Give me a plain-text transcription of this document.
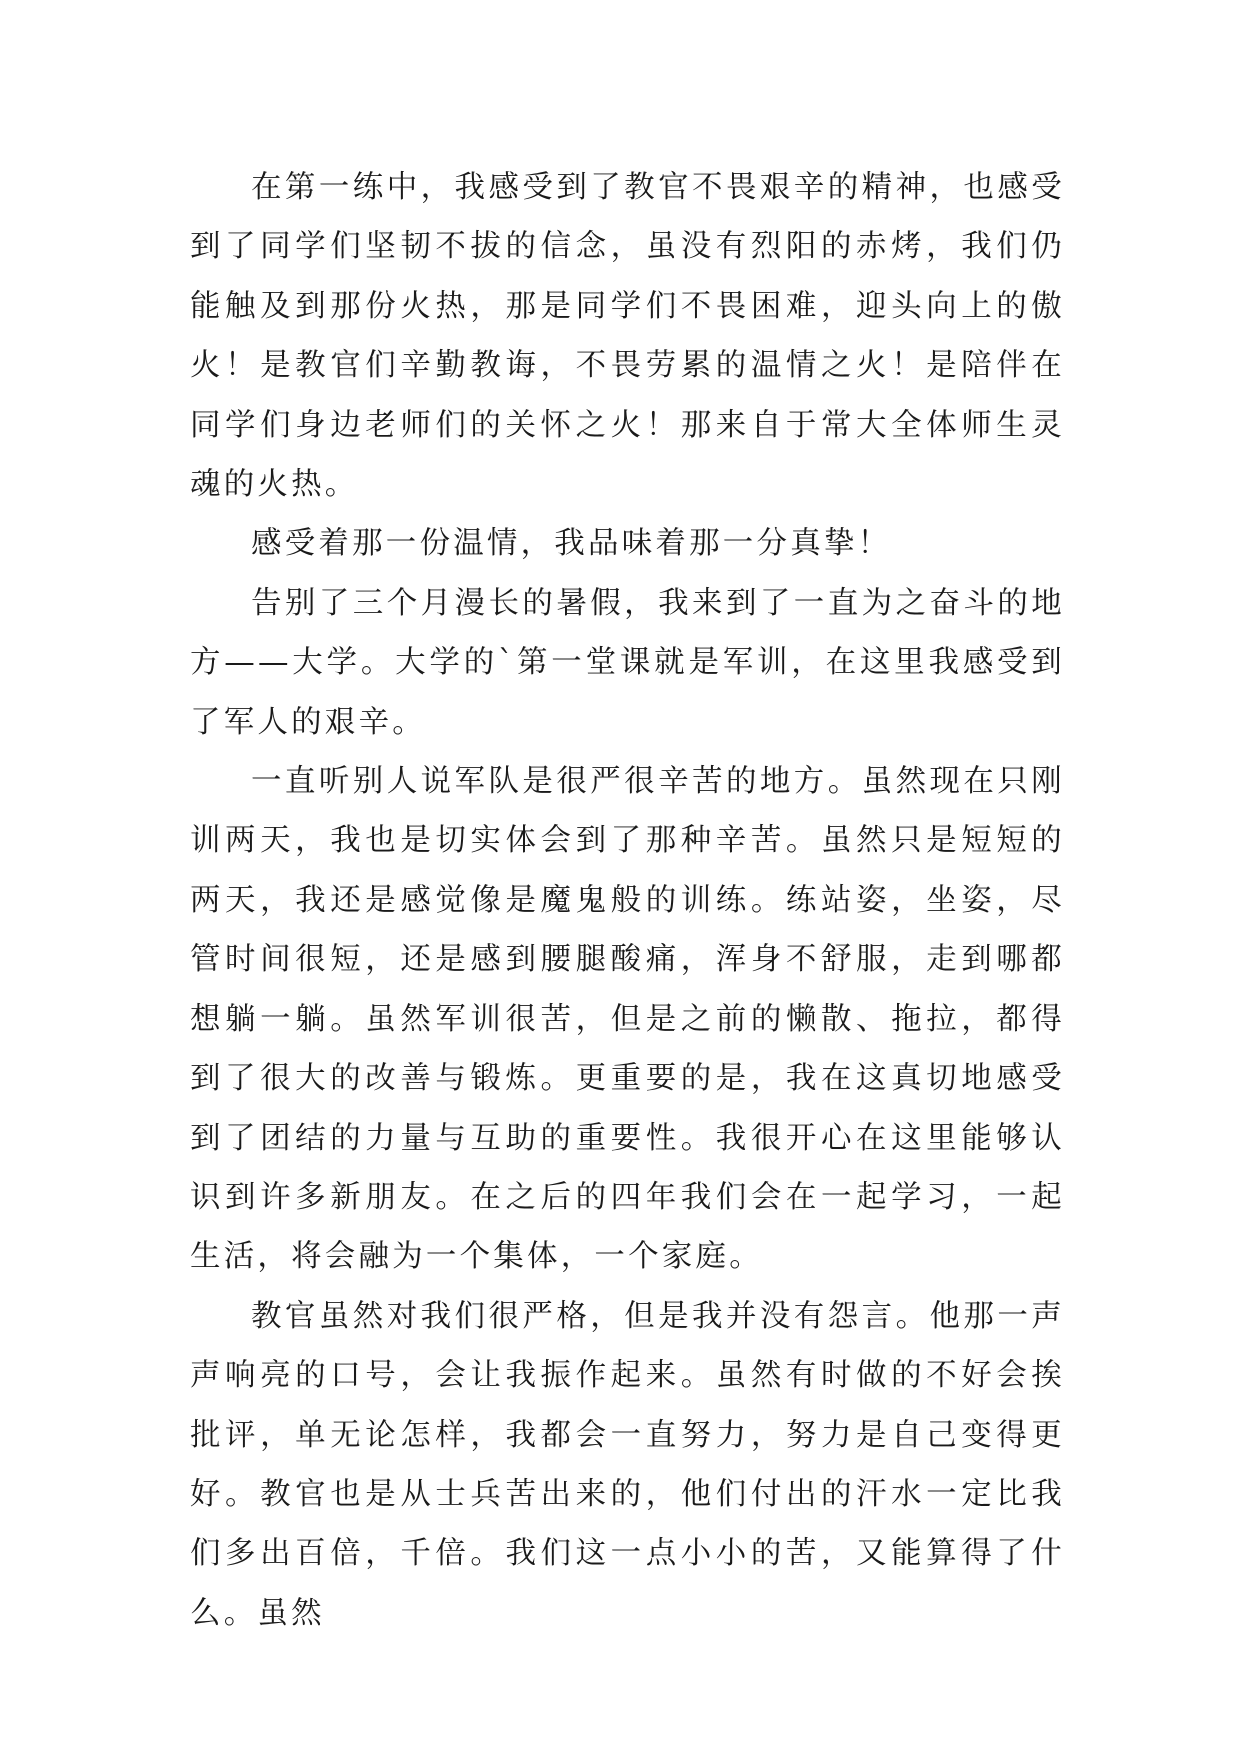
在第一练中，我感受到了教官不畏艰辛的精神，也感受到了同学们坚韧不拔的信念，虽没有烈阳的赤烤，我们仍能触及到那份火热，那是同学们不畏困难，迎头向上的傲火！是教官们辛勤教诲，不畏劳累的温情之火！是陪伴在同学们身边老师们的关怀之火！那来自于常大全体师生灵魂的火热。

感受着那一份温情，我品味着那一分真挚！

告别了三个月漫长的暑假，我来到了一直为之奋斗的地方——大学。大学的`第一堂课就是军训，在这里我感受到了军人的艰辛。

一直听别人说军队是很严很辛苦的地方。虽然现在只刚训两天，我也是切实体会到了那种辛苦。虽然只是短短的两天，我还是感觉像是魔鬼般的训练。练站姿，坐姿，尽管时间很短，还是感到腰腿酸痛，浑身不舒服，走到哪都想躺一躺。虽然军训很苦，但是之前的懒散、拖拉，都得到了很大的改善与锻炼。更重要的是，我在这真切地感受到了团结的力量与互助的重要性。我很开心在这里能够认识到许多新朋友。在之后的四年我们会在一起学习，一起生活，将会融为一个集体，一个家庭。

教官虽然对我们很严格，但是我并没有怨言。他那一声声响亮的口号，会让我振作起来。虽然有时做的不好会挨批评，单无论怎样，我都会一直努力，努力是自己变得更好。教官也是从士兵苦出来的，他们付出的汗水一定比我们多出百倍，千倍。我们这一点小小的苦，又能算得了什么。虽然
